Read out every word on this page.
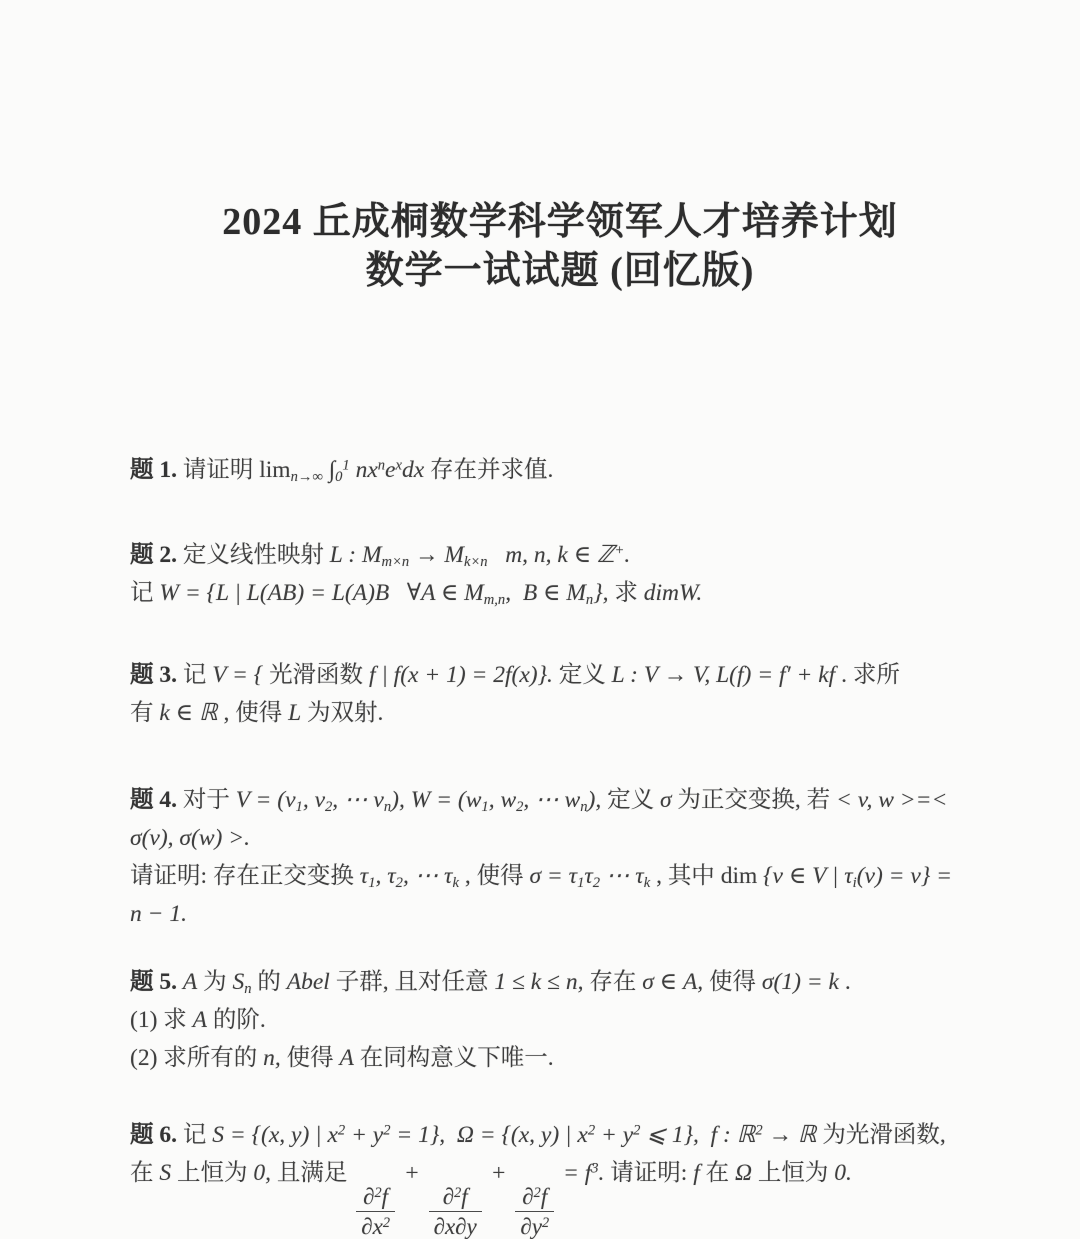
2024 丘成桐数学科学领军人才培养计划
数学一试试题 (回忆版)
题 1. 请证明 $\lim_{n\to\infty} \int_0^1$ $nx^ne^xdx$ 存在并求值.
题 2. 定义线性映射 L : $M_{m\times n} \to M_{k\times n}$   m, n, k ∈ ℤ+.
记 W = {L | L(AB) = L(A)B   ∀A ∈ $M_{m,n}$,  B ∈ $M_n$}, 求 dimW.
题 3. 记 V = { 光滑函数 f | f(x + 1) = 2f(x)}. 定义 L : V → V, L(f) = f′ + kf . 求所
有 k ∈ ℝ , 使得 L 为双射.
题 4. 对于 $V = (v_1$, $v_2$, ⋯ $v_n$), $W = (w_1$, $w_2$, ⋯ $w_n$), 定义 σ 为正交变换, 若 < v, w >=<
σ(v), σ(w) >.
请证明: 存在正交变换 $\tau_1$, $\tau_2$, ⋯ $\tau_k$ , 使得 $\sigma = \tau_1\tau_2$ ⋯ $\tau_k$ , 其中 dim {v ∈ V | $\tau_i(v) = v$} =
n − 1.
题 5. A 为 $S_n$ 的 Abel 子群, 且对任意 1 ≤ k ≤ n, 存在 σ ∈ A, 使得 σ(1) = k .
(1) 求 A 的阶.
(2) 求所有的 n, 使得 A 在同构意义下唯一.
题 6. 记 S = {(x, y) | $x^2 + y^2 = 1$},  Ω = {(x, y) | $x^2 + y^2$ ⩽ 1},  f : ℝ$^2$ → ℝ 为光滑函数,
在 S 上恒为 0, 且满足
$\frac{\partial^2f}{\partial x^2}$
+
$\frac{\partial^2f}{\partial x\partial y}$
+
$\frac{\partial^2f}{\partial y^2}$
= $f^3$. 请证明: f 在 Ω 上恒为 0.
